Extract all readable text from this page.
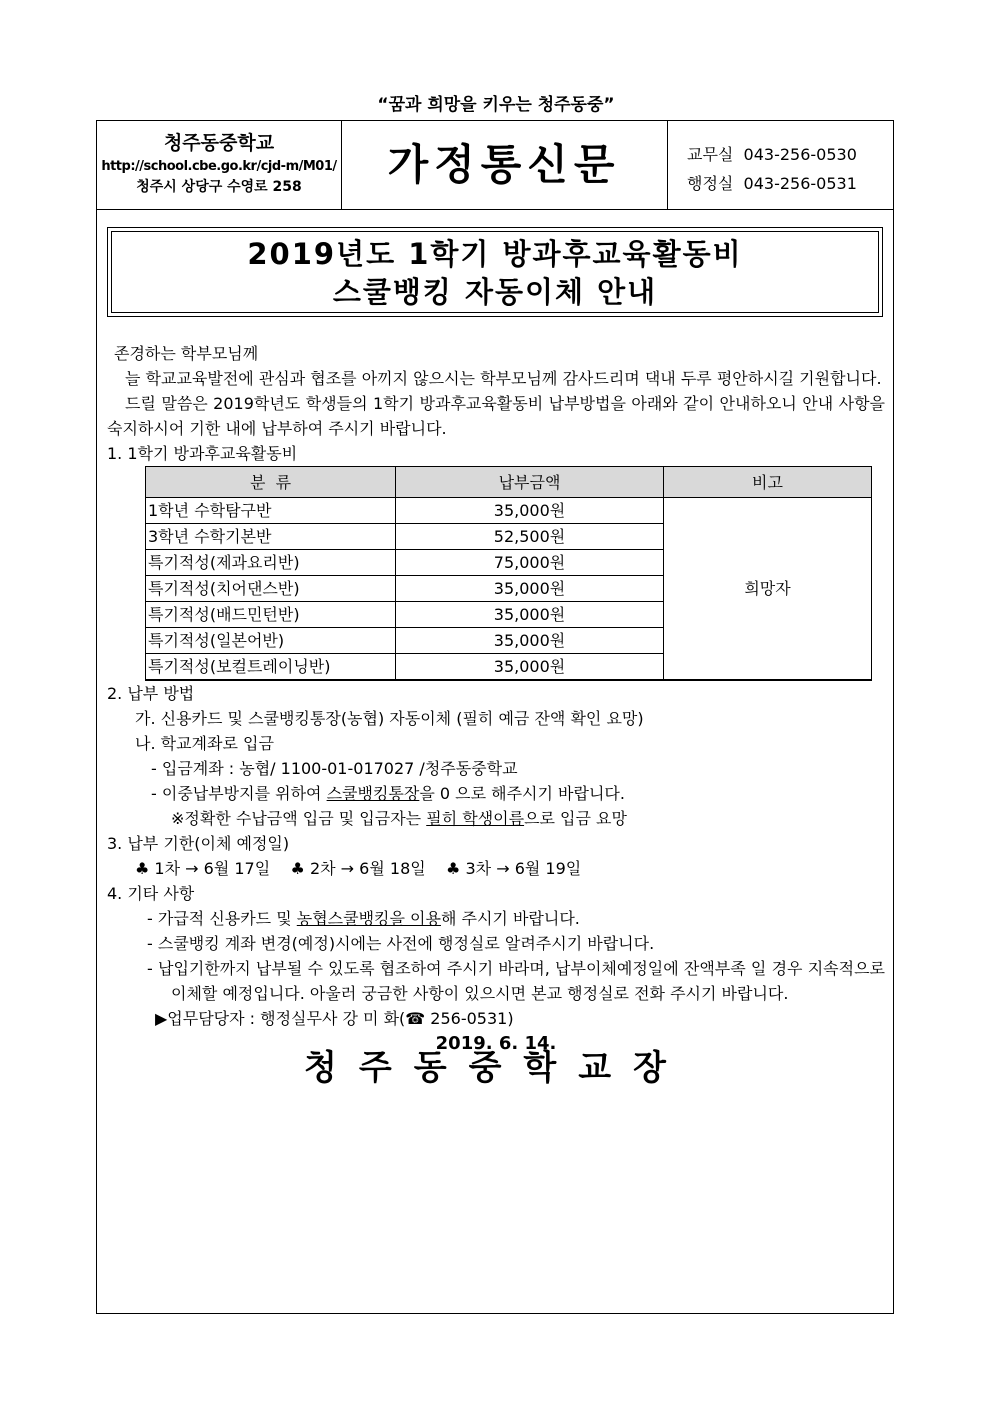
“꿈과 희망을 키우는 청주동중”
청주동중학교
http://school.cbe.go.kr/cjd-m/M01/
청주시 상당구 수영로 258	가정통신문	교무실 043-256-0530
행정실 043-256-0531
2019년도 1학기 방과후교육활동비
스쿨뱅킹 자동이체 안내

존경하는 학부모님께

늘 학교교육발전에 관심과 협조를 아끼지 않으시는 학부모님께 감사드리며 댁내 두루 평안하시길 기원합니다.

드릴 말씀은 2019학년도 학생들의 1학기 방과후교육활동비 납부방법을 아래와 같이 안내하오니 안내 사항을 숙지하시어 기한 내에 납부하여 주시기 바랍니다.

1. 1학기 방과후교육활동비

분  류	납부금액	비고
1학년 수학탐구반	35,000원	희망자
3학년 수학기본반	52,500원	
특기적성(제과요리반)	75,000원	
특기적성(치어댄스반)	35,000원	
특기적성(배드민턴반)	35,000원	
특기적성(일본어반)	35,000원	
특기적성(보컬트레이닝반)	35,000원	

2. 납부 방법

가. 신용카드 및 스쿨뱅킹통장(농협) 자동이체 (필히 예금 잔액 확인 요망)

나. 학교계좌로 입금

- 입금계좌 : 농협/ 1100-01-017027 /청주동중학교

- 이중납부방지를 위하여 스쿨뱅킹통장을 0 으로 해주시기 바랍니다.

※정확한 수납금액 입금 및 입금자는 필히 학생이름으로 입금 요망

3. 납부 기한(이체 예정일)

♣ 1차 → 6월 17일    ♣ 2차 → 6월 18일    ♣ 3차 → 6월 19일

4. 기타 사항

- 가급적 신용카드 및 농협스쿨뱅킹을 이용해 주시기 바랍니다.

- 스쿨뱅킹 계좌 변경(예정)시에는 사전에 행정실로 알려주시기 바랍니다.

- 납입기한까지 납부될 수 있도록 협조하여 주시기 바라며, 납부이체예정일에 잔액부족 일 경우 지속적으로 이체할 예정입니다. 아울러 궁금한 사항이 있으시면 본교 행정실로 전화 주시기 바랍니다.

▶업무담당자 : 행정실무사 강 미 화(☎ 256-0531)

2019. 6. 14.

청주동중학교장
